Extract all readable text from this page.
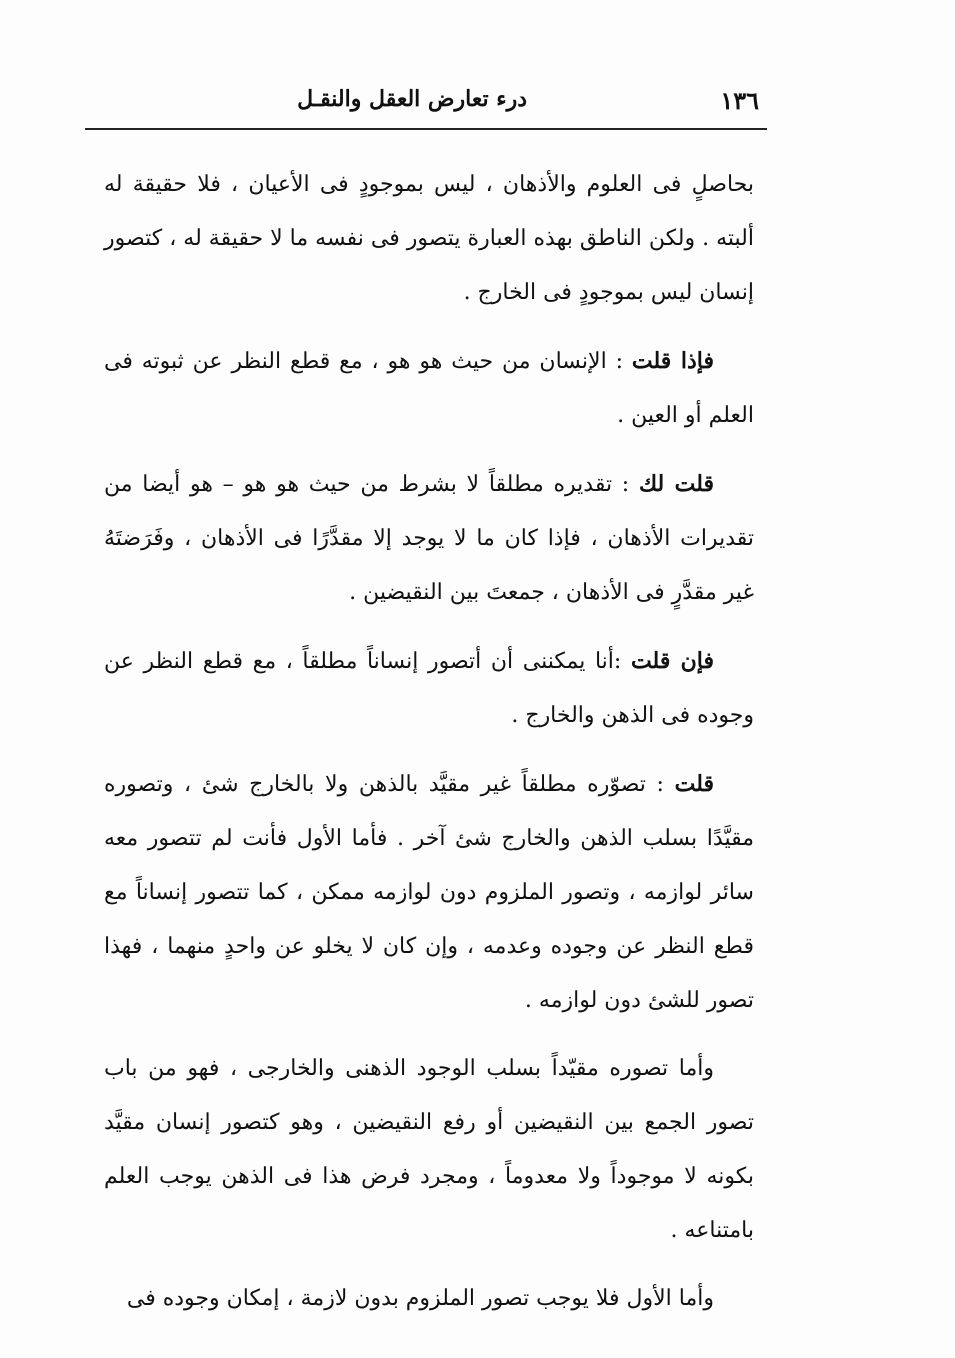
١٣٦
درء تعارض العقل والنقـل

بحاصلٍ فى العلوم والأذهان ، ليس بموجودٍ فى الأعيان ، فلا حقيقة له ألبته . ولكن الناطق بهذه العبارة يتصور فى نفسه ما لا حقيقة له ، كتصور إنسان ليس بموجودٍ فى الخارج .

فإذا قلت : الإنسان من حيث هو هو ، مع قطع النظر عن ثبوته فى العلم أو العين .

قلت لك : تقديره مطلقاً لا بشرط من حيث هو هو – هو أيضا من تقديرات الأذهان ، فإذا كان ما لا يوجد إلا مقدَّرًا فى الأذهان ، وفَرَضتَهُ غير مقدَّرٍ فى الأذهان ، جمعتَ بين النقيضين .

فإن قلت :أنا يمكننى أن أتصور إنساناً مطلقاً ، مع قطع النظر عن وجوده فى الذهن والخارج .

قلت : تصوّره مطلقاً غير مقيَّد بالذهن ولا بالخارج شئ ، وتصوره مقيَّدًا بسلب الذهن والخارج شئ آخر . فأما الأول فأنت لم تتصور معه سائر لوازمه ، وتصور الملزوم دون لوازمه ممكن ، كما تتصور إنساناً مع قطع النظر عن وجوده وعدمه ، وإن كان لا يخلو عن واحدٍ منهما ، فهذا تصور للشئ دون لوازمه .

وأما تصوره مقيّداً بسلب الوجود الذهنى والخارجى ، فهو من باب تصور الجمع بين النقيضين أو رفع النقيضين ، وهو كتصور إنسان مقيَّد بكونه لا موجوداً ولا معدوماً ، ومجرد فرض هذا فى الذهن يوجب العلم بامتناعه .

وأما الأول فلا يوجب تصور الملزوم بدون لازمة ، إمكان وجوده فى
